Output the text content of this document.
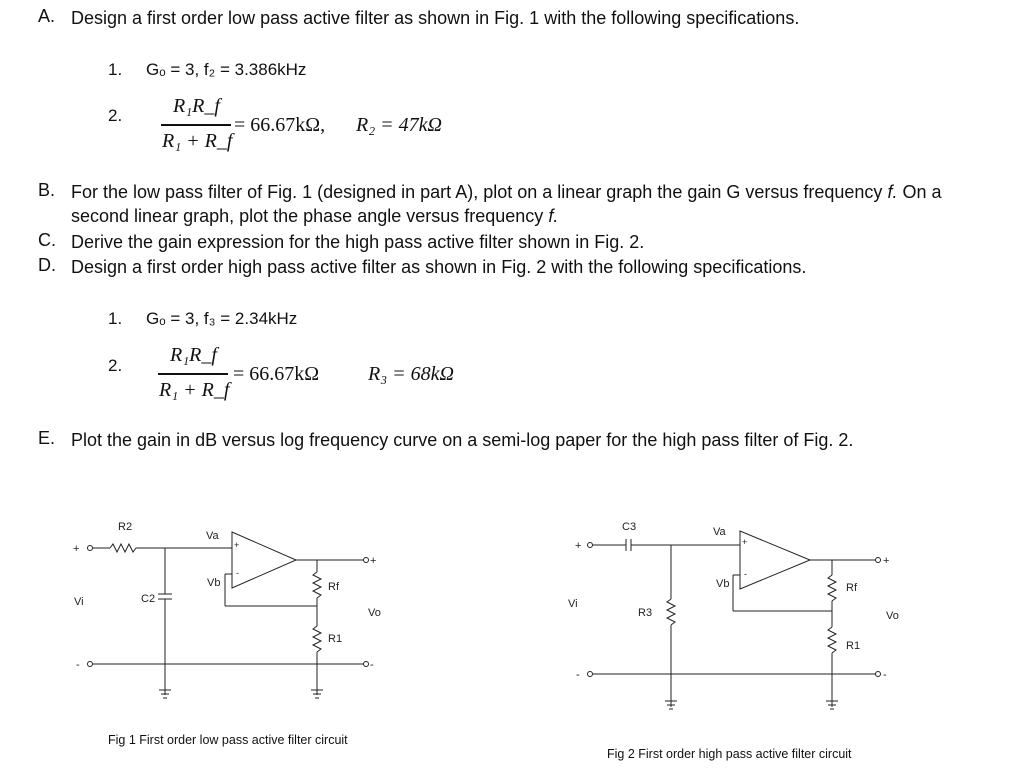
A. Design a first order low pass active filter as shown in Fig. 1 with the following specifications.
1. Gₒ = 3, f₂ = 3.386kHz
2.	R₁R_f
R₁ + R_f
= 66.67kΩ, R₂ = 47kΩ
B. For the low pass filter of Fig. 1 (designed in part A), plot on a linear graph the gain G versus frequency f. On a
second linear graph, plot the phase angle versus frequency f.
C. Derive the gain expression for the high pass active filter shown in Fig. 2.
D. Design a first order high pass active filter as shown in Fig. 2 with the following specifications.
1. Gₒ = 3, f₃ = 2.34kHz
2. R₁R_f
R₁ + R_f
= 66.67kΩ R₃ = 68kΩ
E. Plot the gain in dB versus log frequency curve on a semi-log paper for the high pass filter of Fig. 2.
R2
Va
Vb
+
-
+
-
Rf
R1
C2
Vi
Vo
+
-
Fig 1 First order low pass active filter circuit
C3	Va
Vb
+
-
+
-
Rf
R1
R3
Vi
Vo
+
-
Fig 2 First order high pass active filter circuit
